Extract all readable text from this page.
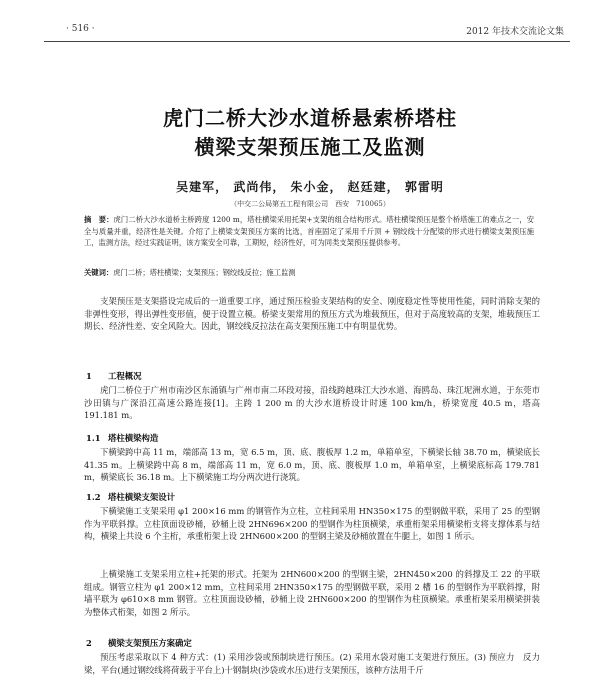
· 516 ·	2012 年技术交流论文集
虎门二桥大沙水道桥悬索桥塔柱
横梁支架预压施工及监测
吴建军， 武尚伟， 朱小金， 赵廷建， 郭雷明
（中交二公局第五工程有限公司　西安　710065）
摘　要：虎门二桥大沙水道桥主桥跨度 1200 m，塔柱横梁采用托架+支架的组合结构形式。塔柱横梁预压是整个桥塔施工的难点之一，安全与质量并重，经济性是关键。介绍了上横梁支架预压方案的比选，首座固定了采用千斤顶 + 钢绞线十分配梁的形式进行横梁支架预压施工，监测方法，经过实践证明，该方案安全可靠，工期短，经济性好，可为同类支架预压提供参考。
关键词：虎门二桥；塔柱横梁；支架预压；钢绞线反拉；施工监测
支架预压是支架搭设完成后的一道重要工序，通过预压检验支架结构的安全、刚度稳定性等使用性能，同时消除支架的非弹性变形，得出弹性变形值，便于设置立模。桥梁支架常用的预压方式为堆载预压，但对于高度较高的支架，堆载预压工期长、经济性差、安全风险大。因此，钢绞线反拉法在高支架预压施工中有明显优势。
1 工程概况
虎门二桥位于广州市南沙区东涌镇与广州市南二环段对接，沿线跨越珠江大沙水道、海鸥岛、珠江坭洲水道，于东莞市沙田镇与广深沿江高速公路连接[1]。主跨 1 200 m 的大沙水道桥设计时速 100 km/h，桥梁宽度 40.5 m，塔高 191.181 m。
1.1 塔柱横梁构造
下横梁跨中高 11 m，端部高 13 m，宽 6.5 m，顶、底、腹板厚 1.2 m，单箱单室，下横梁长轴 38.70 m，横梁底长 41.35 m。上横梁跨中高 8 m，端部高 11 m，宽 6.0 m，顶、底、腹板厚 1.0 m，单箱单室，上横梁底标高 179.781 m，横梁底长 36.18 m。上下横梁施工均分两次进行浇筑。
1.2 塔柱横梁支架设计
下横梁施工支架采用 φ1 200×16 mm 的钢管作为立柱，立柱间采用 HN350×175 的型钢做平联，采用了 25 的型钢作为平联斜撑。立柱顶面设砂桶，砂桶上设 2HN696×200 的型钢作为柱顶横梁，承重桁架采用横梁桁支将支撑体系与结构，横梁上共设 6 个主桁，承重桁架上设 2HN600×200 的型钢主梁及砂桶放置在牛腿上，如图 1 所示。
上横梁施工支架采用立柱+托架的形式。托架为 2HN600×200 的型钢主梁，2HN450×200 的斜撑及工 22 的平联组成。钢管立柱为 φ1 200×12 mm，立柱间采用 2HN350×175 的型钢做平联，采用 2 槽 16 的型钢作为平联斜撑，附墙平联为 φ610×8 mm 钢管。立柱顶面设砂桶，砂桶上设 2HN600×200 的型钢作为柱顶横梁。承重桁架采用横梁拼装为整体式桁架，如图 2 所示。
2 横梁支架预压方案确定
预压考虑采取以下 4 种方式：(1) 采用沙袋或预制块进行预压。(2) 采用水袋对施工支架进行预压。(3) 预应力　反力梁，平台(通过钢绞线将荷载于平台上)十钢制块(沙袋或水压)进行支架预压，该种方法用千斤
